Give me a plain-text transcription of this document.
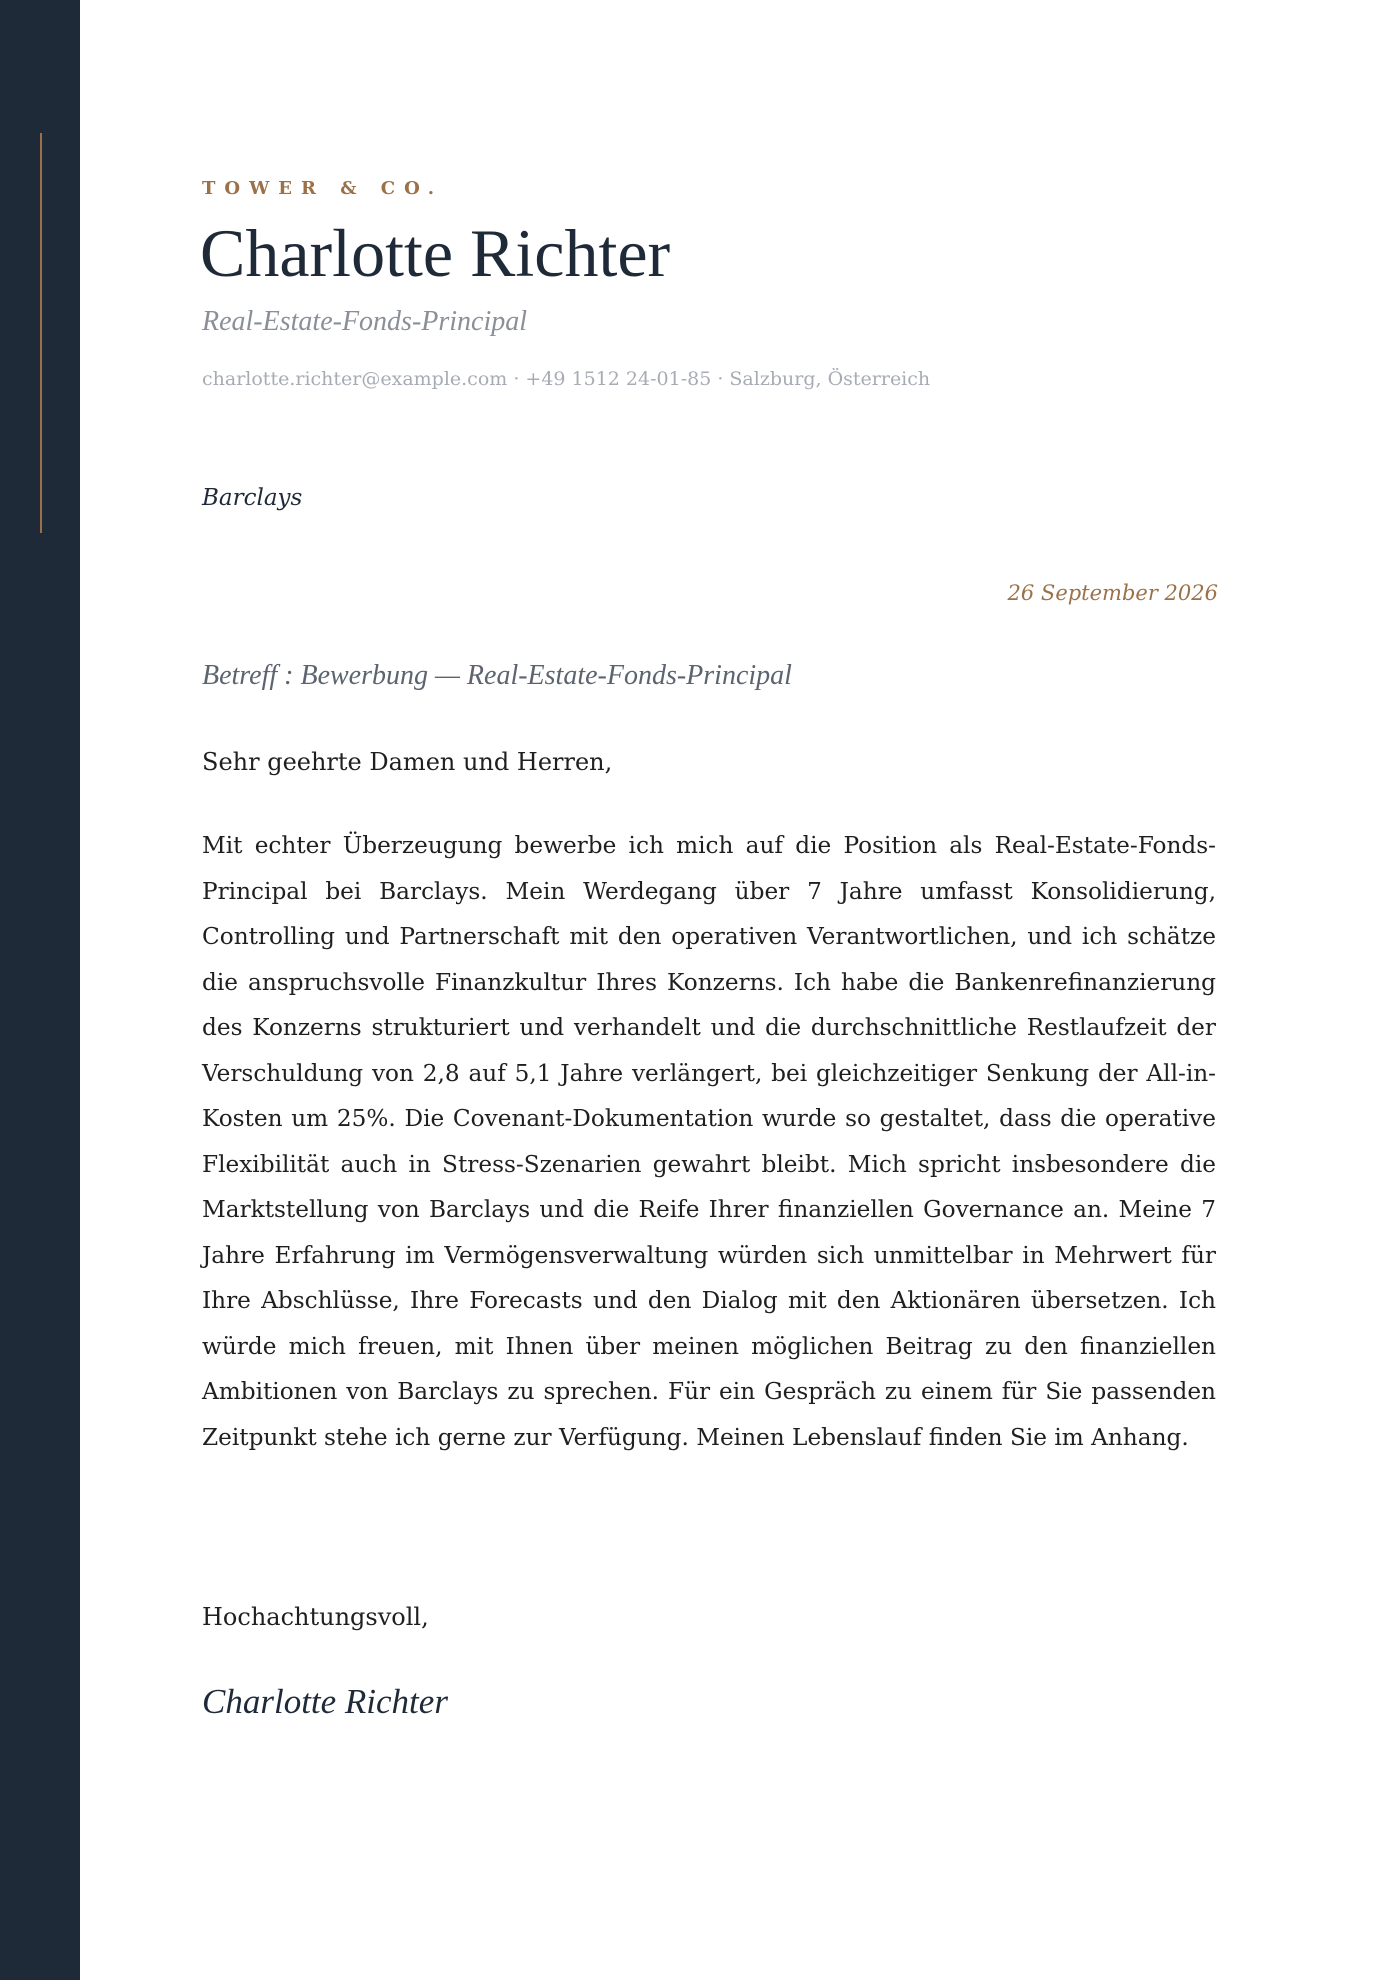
TOWER & CO.
Charlotte Richter
Real-Estate-Fonds-Principal
charlotte.richter@example.com · +49 1512 24-01-85 · Salzburg, Österreich
Barclays
26 September 2026
Betreff : Bewerbung — Real-Estate-Fonds-Principal
Sehr geehrte Damen und Herren,

Mit echter Überzeugung bewerbe ich mich auf die Position als Real-Estate-Fonds-Principal bei Barclays. Mein Werdegang über 7 Jahre umfasst Konsolidierung, Controlling und Partnerschaft mit den operativen Verantwortlichen, und ich schätze die anspruchsvolle Finanzkultur Ihres Konzerns. Ich habe die Bankenrefinanzierung des Konzerns strukturiert und verhandelt und die durchschnittliche Restlaufzeit der Verschuldung von 2,8 auf 5,1 Jahre verlängert, bei gleichzeitiger Senkung der All-in-Kosten um 25%. Die Covenant-Dokumentation wurde so gestaltet, dass die operative Flexibilität auch in Stress-Szenarien gewahrt bleibt. Mich spricht insbesondere die Marktstellung von Barclays und die Reife Ihrer finanziellen Governance an. Meine 7 Jahre Erfahrung im Vermögensverwaltung würden sich unmittelbar in Mehrwert für Ihre Abschlüsse, Ihre Forecasts und den Dialog mit den Aktionären übersetzen. Ich würde mich freuen, mit Ihnen über meinen möglichen Beitrag zu den finanziellen Ambitionen von Barclays zu sprechen. Für ein Gespräch zu einem für Sie passenden Zeitpunkt stehe ich gerne zur Verfügung. Meinen Lebenslauf finden Sie im Anhang.

Hochachtungsvoll,
Charlotte Richter
